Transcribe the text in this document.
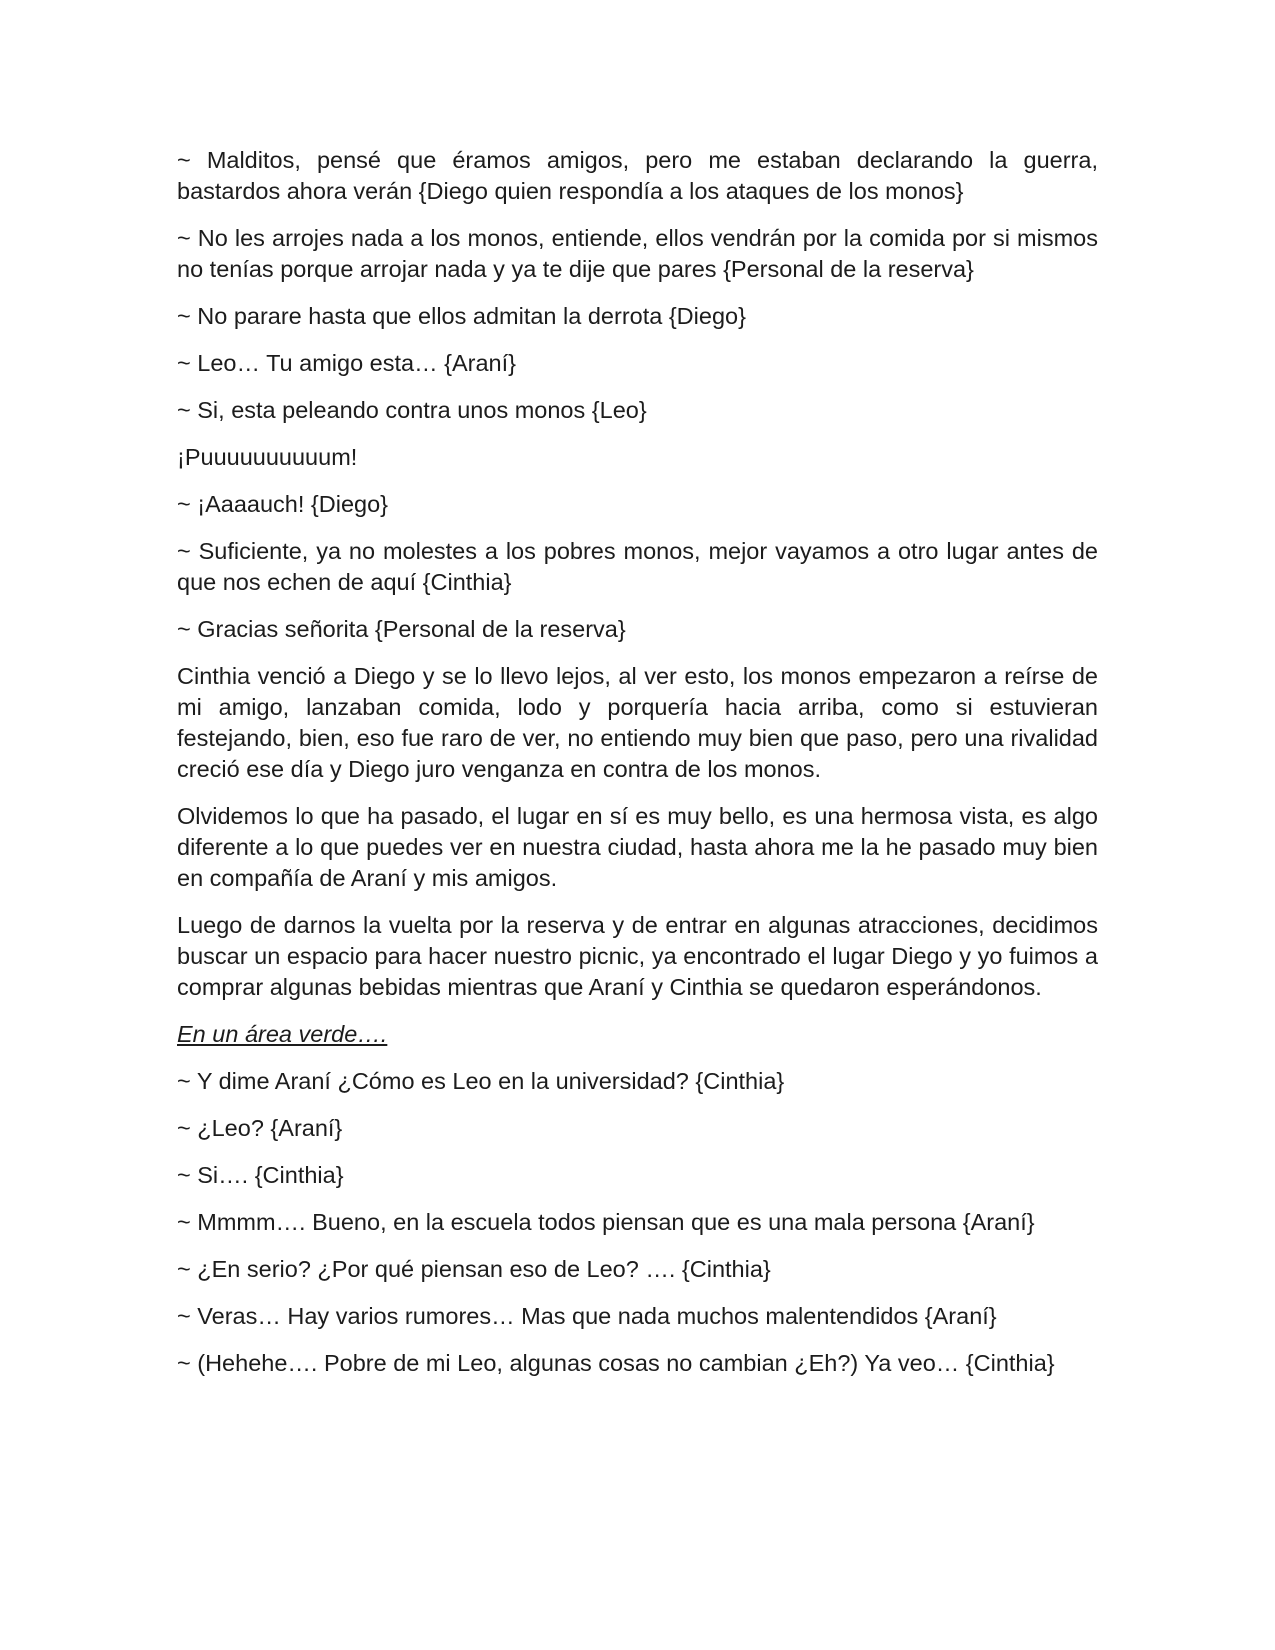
~ Malditos, pensé que éramos amigos, pero me estaban declarando la guerra, bastardos ahora verán {Diego quien respondía a los ataques de los monos}

~ No les arrojes nada a los monos, entiende, ellos vendrán por la comida por si mismos no tenías porque arrojar nada y ya te dije que pares {Personal de la reserva}

~ No parare hasta que ellos admitan la derrota {Diego}

~ Leo… Tu amigo esta… {Araní}

~ Si, esta peleando contra unos monos {Leo}

¡Puuuuuuuuuum!

~ ¡Aaaauch! {Diego}

~ Suficiente, ya no molestes a los pobres monos, mejor vayamos a otro lugar antes de que nos echen de aquí {Cinthia}

~ Gracias señorita {Personal de la reserva}

Cinthia venció a Diego y se lo llevo lejos, al ver esto, los monos empezaron a reírse de mi amigo, lanzaban comida, lodo y porquería hacia arriba, como si estuvieran festejando, bien, eso fue raro de ver, no entiendo muy bien que paso, pero una rivalidad creció ese día y Diego juro venganza en contra de los monos.

Olvidemos lo que ha pasado, el lugar en sí es muy bello, es una hermosa vista, es algo diferente a lo que puedes ver en nuestra ciudad, hasta ahora me la he pasado muy bien en compañía de Araní y mis amigos.

Luego de darnos la vuelta por la reserva y de entrar en algunas atracciones, decidimos buscar un espacio para hacer nuestro picnic, ya encontrado el lugar Diego y yo fuimos a comprar algunas bebidas mientras que Araní y Cinthia se quedaron esperándonos.

En un área verde….

~ Y dime Araní ¿Cómo es Leo en la universidad? {Cinthia}

~ ¿Leo? {Araní}

~ Si…. {Cinthia}

~ Mmmm…. Bueno, en la escuela todos piensan que es una mala persona {Araní}

~ ¿En serio? ¿Por qué piensan eso de Leo? …. {Cinthia}

~ Veras… Hay varios rumores… Mas que nada muchos malentendidos {Araní}

~ (Hehehe…. Pobre de mi Leo, algunas cosas no cambian ¿Eh?) Ya veo… {Cinthia}
